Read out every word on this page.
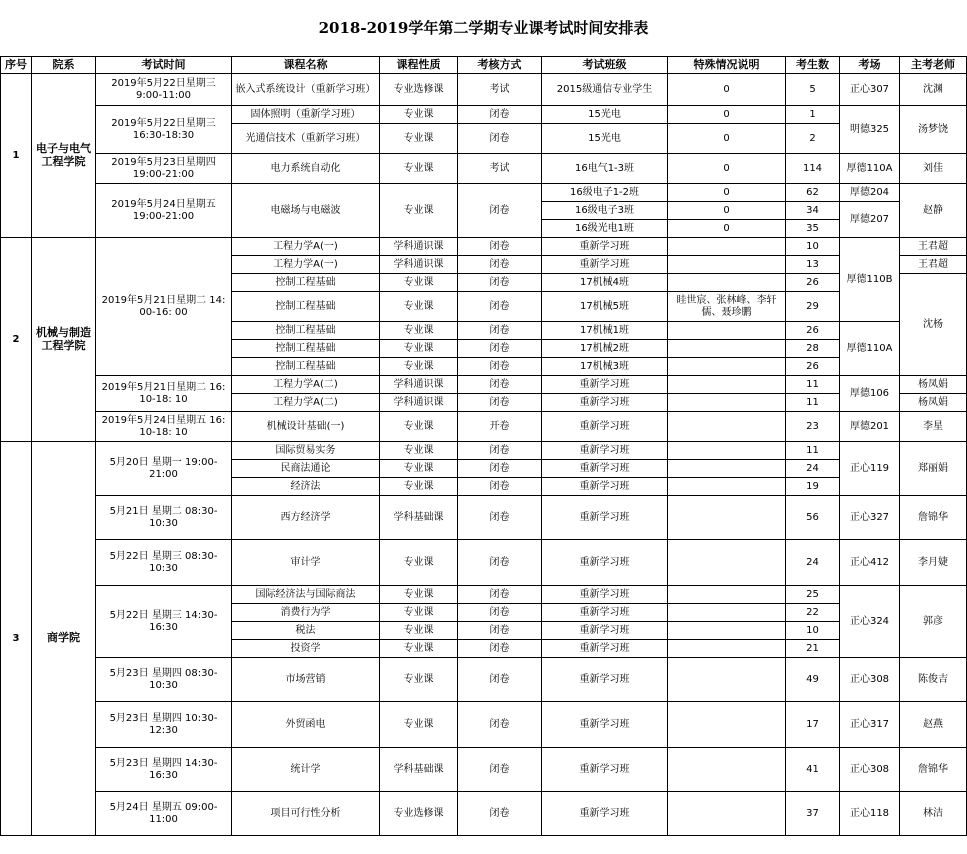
2018-2019学年第二学期专业课考试时间安排表
序号	院系	考试时间	课程名称	课程性质	考核方式	考试班级	特殊情况说明	考生数	考场	主考老师
1	电子与电气工程学院	2019年5月22日星期三 9:00-11:00	嵌入式系统设计（重新学习班）	专业选修课	考试	2015级通信专业学生	0	5	正心307	沈渊
		2019年5月22日星期三 16:30-18:30	固体照明（重新学习班）	专业课	闭卷	15光电	0	1	明德325	汤梦饶
			光通信技术（重新学习班）	专业课	闭卷	15光电	0	2		
		2019年5月23日星期四 19:00-21:00	电力系统自动化	专业课	考试	16电气1-3班	0	114	厚德110A	刘佳
		2019年5月24日星期五 19:00-21:00	电磁场与电磁波	专业课	闭卷	16级电子1-2班	0	62	厚德204	赵静
						16级电子3班	0	34	厚德207	
						16级光电1班	0	35		
2	机械与制造工程学院	2019年5月21日星期二 14: 00-16: 00	工程力学A(一)	学科通识课	闭卷	重新学习班		10	厚德110B	王君超
			工程力学A(一)	学科通识课	闭卷	重新学习班		13		王君超
			控制工程基础	专业课	闭卷	17机械4班		26		沈杨
			控制工程基础	专业课	闭卷	17机械5班	眭世宸、张林峰、李轩儒、聂珍鹏	29		
			控制工程基础	专业课	闭卷	17机械1班		26	厚德110A	
			控制工程基础	专业课	闭卷	17机械2班		28		
			控制工程基础	专业课	闭卷	17机械3班		26		
		2019年5月21日星期二 16: 10-18: 10	工程力学A(二)	学科通识课	闭卷	重新学习班		11	厚德106	杨凤娟
			工程力学A(二)	学科通识课	闭卷	重新学习班		11		杨凤娟
		2019年5月24日星期五 16: 10-18: 10	机械设计基础(一)	专业课	开卷	重新学习班		23	厚德201	李星
3	商学院	5月20日 星期一 19:00-21:00	国际贸易实务	专业课	闭卷	重新学习班		11	正心119	郑丽娟
			民商法通论	专业课	闭卷	重新学习班		24		
			经济法	专业课	闭卷	重新学习班		19		
		5月21日 星期二 08:30-10:30	西方经济学	学科基础课	闭卷	重新学习班		56	正心327	詹锦华
		5月22日 星期三 08:30-10:30	审计学	专业课	闭卷	重新学习班		24	正心412	李月婕
		5月22日 星期三 14:30-16:30	国际经济法与国际商法	专业课	闭卷	重新学习班		25	正心324	郭彦
			消费行为学	专业课	闭卷	重新学习班		22		
			税法	专业课	闭卷	重新学习班		10		
			投资学	专业课	闭卷	重新学习班		21		
		5月23日 星期四 08:30-10:30	市场营销	专业课	闭卷	重新学习班		49	正心308	陈俊吉
		5月23日 星期四 10:30-12:30	外贸函电	专业课	闭卷	重新学习班		17	正心317	赵燕
		5月23日 星期四 14:30-16:30	统计学	学科基础课	闭卷	重新学习班		41	正心308	詹锦华
		5月24日 星期五 09:00-11:00	项目可行性分析	专业选修课	闭卷	重新学习班		37	正心118	林洁
